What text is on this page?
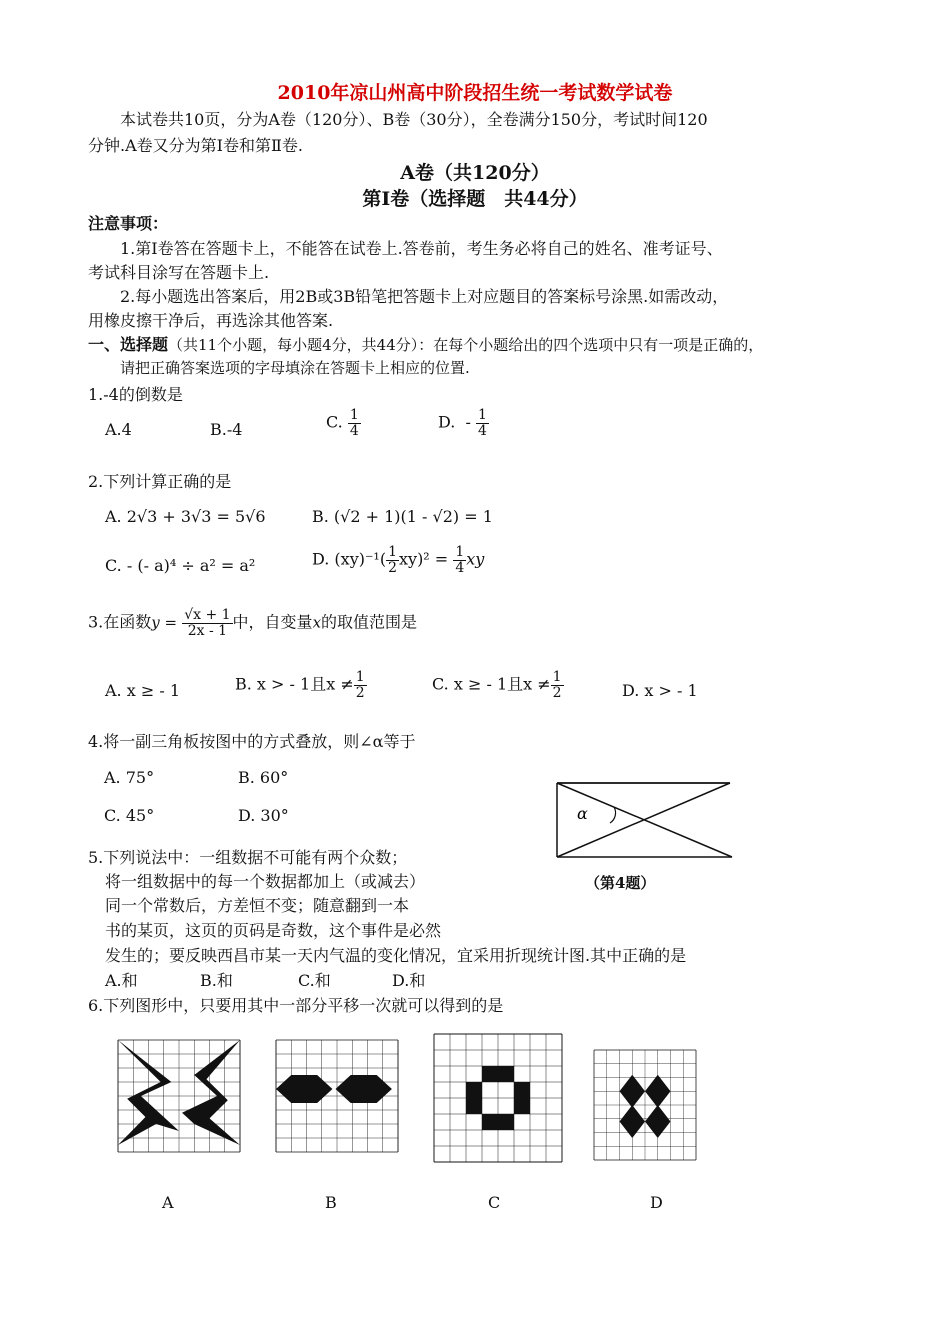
2010年凉山州高中阶段招生统一考试数学试卷
本试卷共10页，分为A卷（120分）、B卷（30分），全卷满分150分，考试时间120
分钟.A卷又分为第Ⅰ卷和第Ⅱ卷.
A卷（共120分）
第Ⅰ卷（选择题　共44分）
注意事项：
1.第Ⅰ卷答在答题卡上，不能答在试卷上.答卷前，考生务必将自己的姓名、准考证号、
考试科目涂写在答题卡上.
2.每小题选出答案后，用2B或3B铅笔把答题卡上对应题目的答案标号涂黑.如需改动，
用橡皮擦干净后，再选涂其他答案.
一、选择题（共11个小题，每小题4分，共44分）：在每个小题给出的四个选项中只有一项是正确的，
请把正确答案选项的字母填涂在答题卡上相应的位置.
1.-4的倒数是
A.4	B.-4	C. $\frac{1}{4}$	D. - $\frac{1}{4}$
2.下列计算正确的是
A. 2√3 + 3√3 = 5√6	B. (√2 + 1)(1 - √2) = 1
C. - (- a)⁴ ÷ a² = a²	D. $(xy)^{-1}( \frac{1}{2} xy)^2 = \frac{1}{4}$ xy
3.在函数$y = \frac{√x + 1}{2x - 1}$ 中，自变量x的取值范围是
A. x ≥ - 1	B. x > - 1且$x \ne \frac{1}{2}$	C. x ≥ - 1且$x \ne \frac{1}{2}$	D. x > - 1
4.将一副三角板按图中的方式叠放，则∠α等于
A. 75°	B. 60°
C. 45°	D. 30°	α
（第4题）
5.下列说法中：一组数据不可能有两个众数；
将一组数据中的每一个数据都加上（或减去）
同一个常数后，方差恒不变；随意翻到一本
书的某页，这页的页码是奇数，这个事件是必然
发生的；要反映西昌市某一天内气温的变化情况，宜采用折现统计图.其中正确的是
A.和	B.和	C.和	D.和
6.下列图形中，只要用其中一部分平移一次就可以得到的是
A	B	C	D
